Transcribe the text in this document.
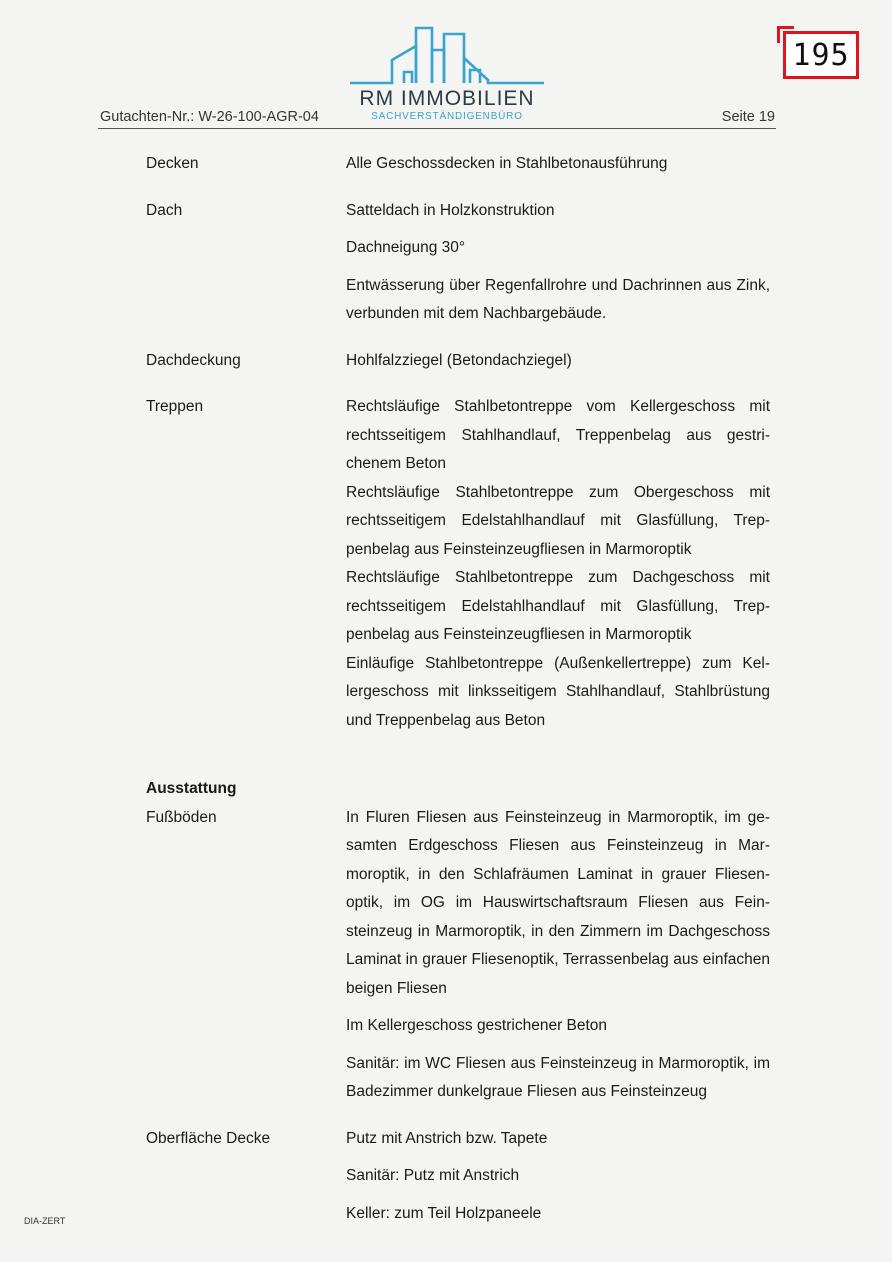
195
RM IMMOBILIEN
SACHVERSTÄNDIGENBÜRO
Gutachten-Nr.: W-26-100-AGR-04	Seite 19
Decken	Alle Geschossdecken in Stahlbetonausführung

Dach	Satteldach in Holzkonstruktion

Dachneigung 30°

Entwässerung über Regenfallrohre und Dachrinnen aus Zink, verbunden mit dem Nachbargebäude.

Dachdeckung	Hohlfalzziegel (Betondachziegel)

Treppen	Rechtsläufige Stahlbetontreppe vom Kellergeschoss mit rechtsseitigem Stahlhandlauf, Treppenbelag aus gestrichenem Beton

Rechtsläufige Stahlbetontreppe zum Obergeschoss mit rechtsseitigem Edelstahlhandlauf mit Glasfüllung, Treppenbelag aus Feinsteinzeugfliesen in Marmoroptik

Rechtsläufige Stahlbetontreppe zum Dachgeschoss mit rechtsseitigem Edelstahlhandlauf mit Glasfüllung, Treppenbelag aus Feinsteinzeugfliesen in Marmoroptik

Einläufige Stahlbetontreppe (Außenkellertreppe) zum Kellergeschoss mit linksseitigem Stahlhandlauf, Stahlbrüstung und Treppenbelag aus Beton

Ausstattung
Fußböden	In Fluren Fliesen aus Feinsteinzeug in Marmoroptik, im gesamten Erdgeschoss Fliesen aus Feinsteinzeug in Marmoroptik, in den Schlafräumen Laminat in grauer Fliesenoptik, im OG im Hauswirtschaftsraum Fliesen aus Feinsteinzeug in Marmoroptik, in den Zimmern im Dachgeschoss Laminat in grauer Fliesenoptik, Terrassenbelag aus einfachen beigen Fliesen

Im Kellergeschoss gestrichener Beton

Sanitär: im WC Fliesen aus Feinsteinzeug in Marmoroptik, im Badezimmer dunkelgraue Fliesen aus Feinsteinzeug

Oberfläche Decke	Putz mit Anstrich bzw. Tapete

Sanitär: Putz mit Anstrich

Keller: zum Teil Holzpaneele

DIA-ZERT
